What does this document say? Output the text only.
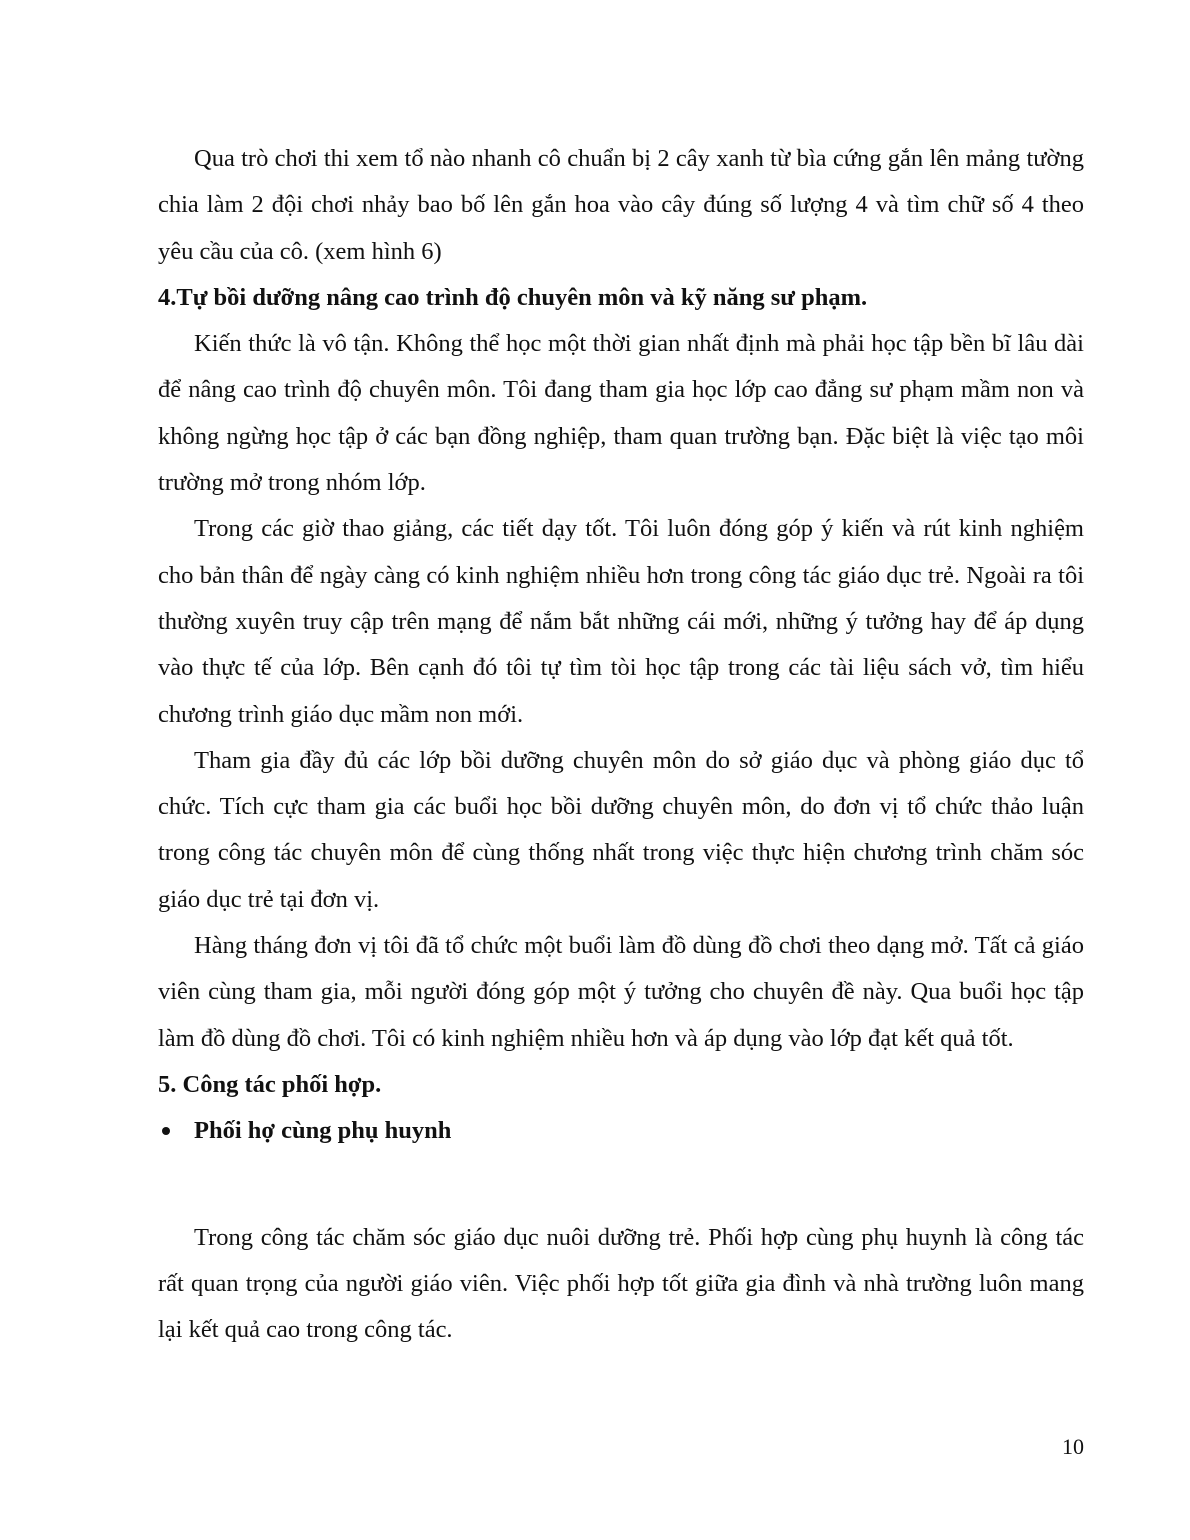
Qua trò chơi thi xem tổ nào nhanh cô chuẩn bị 2 cây xanh từ bìa cứng gắn lên mảng tường chia làm 2 đội chơi nhảy bao bố lên gắn hoa vào cây đúng số lượng 4 và tìm chữ số 4 theo yêu cầu của cô. (xem hình 6)

4.Tự bồi dưỡng nâng cao trình độ chuyên môn và kỹ năng sư phạm.

Kiến thức là vô tận. Không thể học một thời gian nhất định mà phải học tập bền bĩ lâu dài để nâng cao trình độ chuyên môn. Tôi đang tham gia học lớp cao đẳng sư phạm mầm non và không ngừng học tập ở các bạn đồng nghiệp, tham quan trường bạn. Đặc biệt là việc tạo môi trường mở trong nhóm lớp.

Trong các giờ thao giảng, các tiết dạy tốt. Tôi luôn đóng góp ý kiến và rút kinh nghiệm cho bản thân để ngày càng có kinh nghiệm nhiều hơn trong công tác giáo dục trẻ. Ngoài ra tôi thường xuyên truy cập trên mạng để nắm bắt những cái mới, những ý tưởng hay để áp dụng vào thực tế của lớp. Bên cạnh đó tôi tự tìm tòi học tập trong các tài liệu sách vở, tìm hiểu chương trình giáo dục mầm non mới.

Tham gia đầy đủ các lớp bồi dưỡng chuyên môn do sở giáo dục và phòng giáo dục tổ chức. Tích cực tham gia các buổi học bồi dưỡng chuyên môn, do đơn vị tổ chức thảo luận trong công tác chuyên môn để cùng thống nhất trong việc thực hiện chương trình chăm sóc giáo dục trẻ tại đơn vị.

Hàng tháng đơn vị tôi đã tổ chức một buổi làm đồ dùng đồ chơi theo dạng mở. Tất cả giáo viên cùng tham gia, mỗi người đóng góp một ý tưởng cho chuyên đề này. Qua buổi học tập làm đồ dùng đồ chơi. Tôi có kinh nghiệm nhiều hơn và áp dụng vào lớp đạt kết quả tốt.

5. Công tác phối hợp.

Phối hợ cùng phụ huynh

Trong công tác chăm sóc giáo dục nuôi dưỡng trẻ. Phối hợp cùng phụ huynh là công tác rất quan trọng của người giáo viên. Việc phối hợp tốt giữa gia đình và nhà trường luôn mang lại kết quả cao trong công tác.

10
